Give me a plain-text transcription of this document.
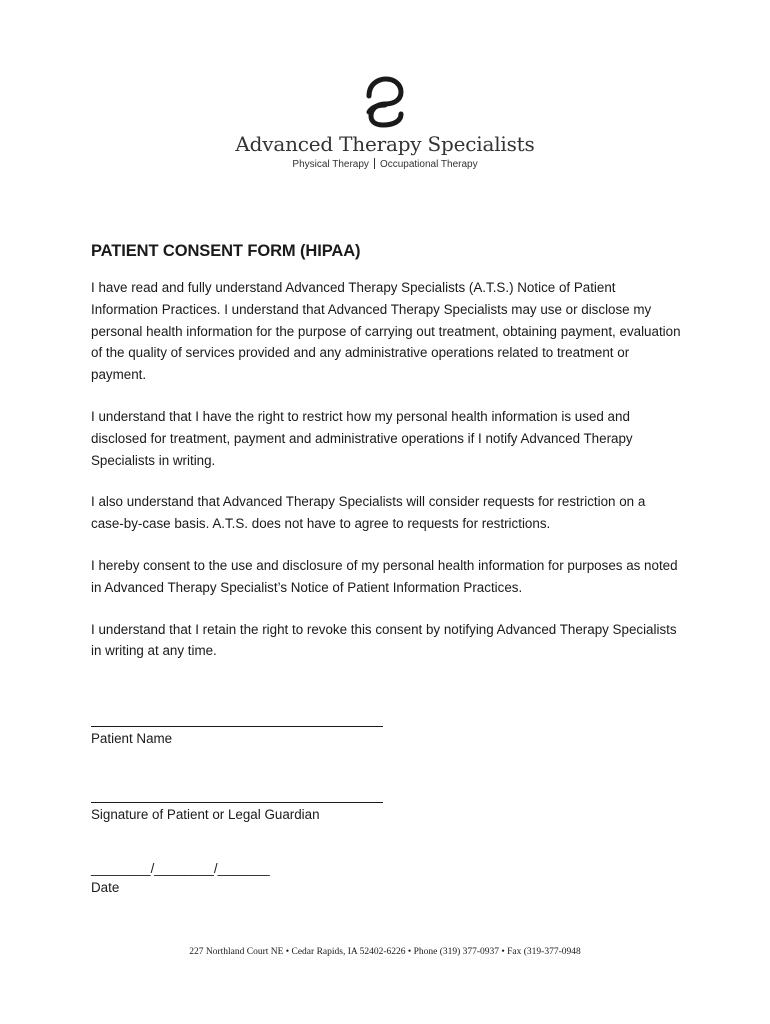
Advanced Therapy Specialists
Physical Therapy Occupational Therapy
PATIENT CONSENT FORM (HIPAA)

I have read and fully understand Advanced Therapy Specialists (A.T.S.) Notice of Patient Information Practices. I understand that Advanced Therapy Specialists may use or disclose my personal health information for the purpose of carrying out treatment, obtaining payment, evaluation of the quality of services provided and any administrative operations related to treatment or payment.

I understand that I have the right to restrict how my personal health information is used and disclosed for treatment, payment and administrative operations if I notify Advanced Therapy Specialists in writing.

I also understand that Advanced Therapy Specialists will consider requests for restriction on a case-by-case basis. A.T.S. does not have to agree to requests for restrictions.

I hereby consent to the use and disclosure of my personal health information for purposes as noted in Advanced Therapy Specialist’s Notice of Patient Information Practices.

I understand that I retain the right to revoke this consent by notifying Advanced Therapy Specialists in writing at any time.

Patient Name
Signature of Patient or Legal Guardian
________/________/_______
Date
227 Northland Court NE • Cedar Rapids, IA 52402-6226 • Phone (319) 377-0937 • Fax (319-377-0948
